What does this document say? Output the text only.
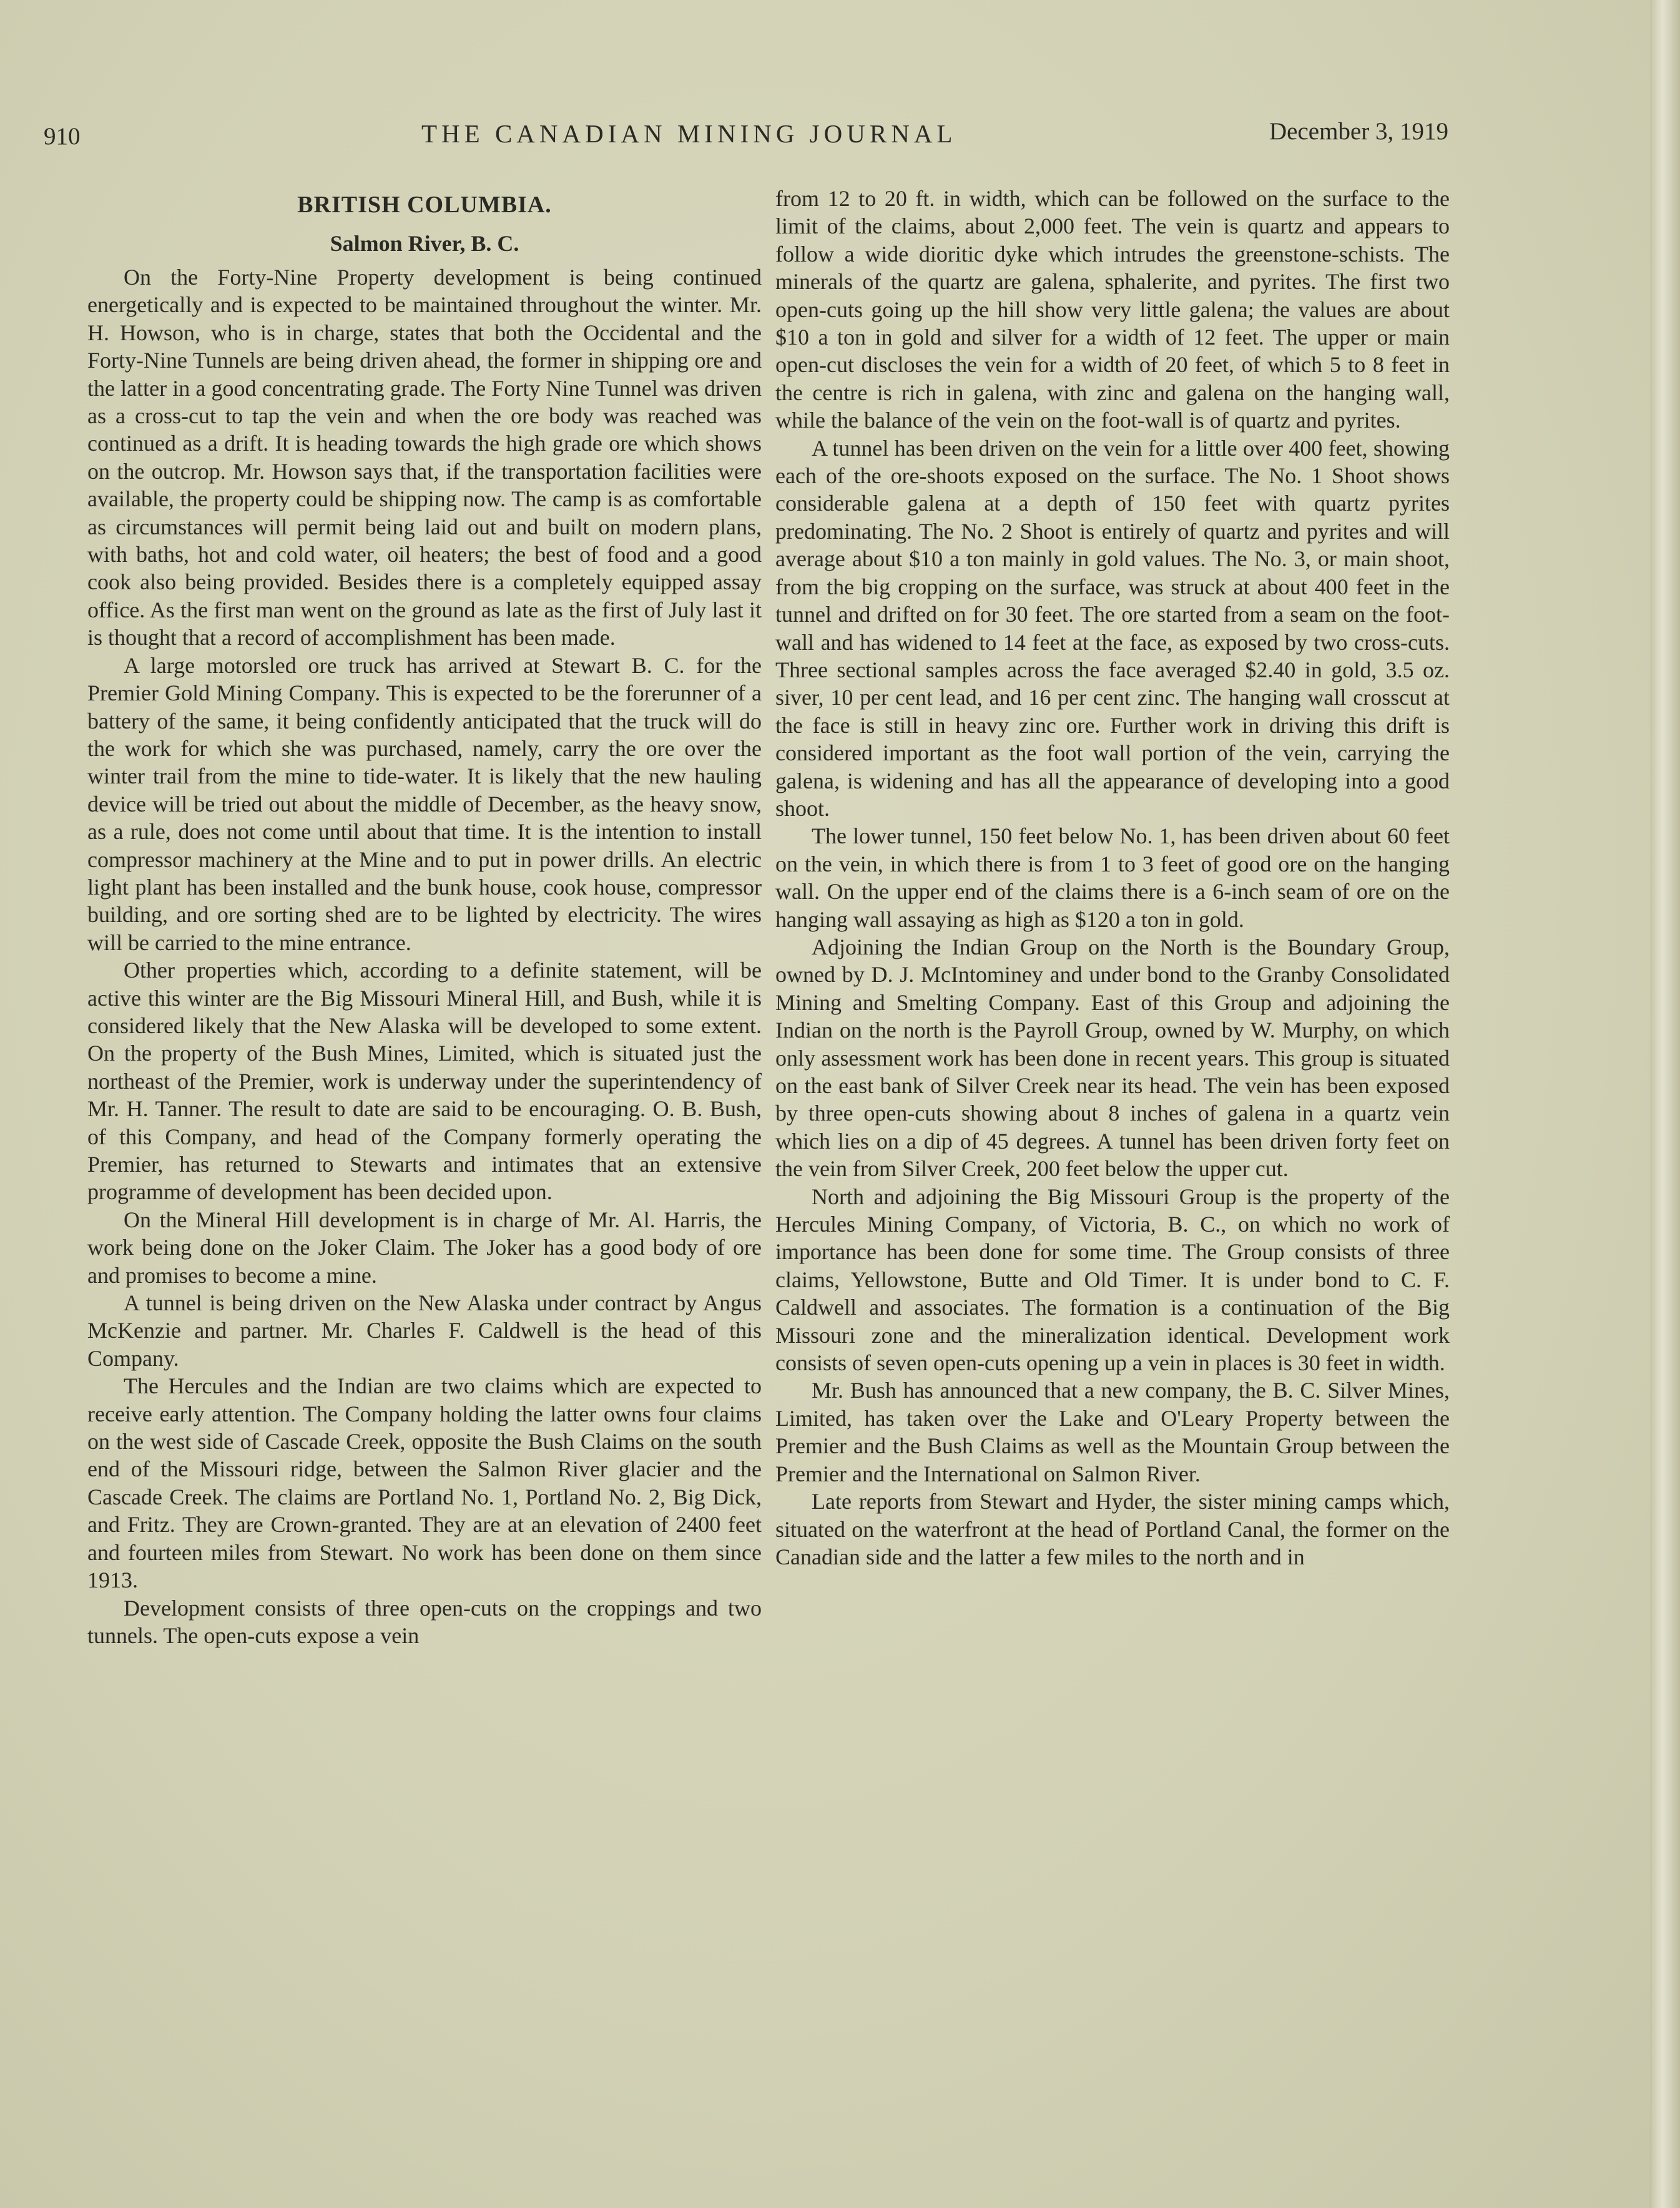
910	THE CANADIAN MINING JOURNAL	December 3, 1919
BRITISH COLUMBIA.
Salmon River, B. C.

On the Forty-Nine Property development is being continued energetically and is expected to be maintained throughout the winter. Mr. H. Howson, who is in charge, states that both the Occidental and the Forty-Nine Tunnels are being driven ahead, the former in shipping ore and the latter in a good concentrating grade. The Forty Nine Tunnel was driven as a cross-cut to tap the vein and when the ore body was reached was continued as a drift. It is heading towards the high grade ore which shows on the outcrop. Mr. Howson says that, if the transportation facilities were available, the property could be shipping now. The camp is as comfortable as circumstances will permit being laid out and built on modern plans, with baths, hot and cold water, oil heaters; the best of food and a good cook also being provided. Besides there is a completely equipped assay office. As the first man went on the ground as late as the first of July last it is thought that a record of accomplishment has been made.

A large motorsled ore truck has arrived at Stewart B. C. for the Premier Gold Mining Company. This is expected to be the forerunner of a battery of the same, it being confidently anticipated that the truck will do the work for which she was purchased, namely, carry the ore over the winter trail from the mine to tide-water. It is likely that the new hauling device will be tried out about the middle of December, as the heavy snow, as a rule, does not come until about that time. It is the intention to install compressor machinery at the Mine and to put in power drills. An electric light plant has been installed and the bunk house, cook house, compressor building, and ore sorting shed are to be lighted by electricity. The wires will be carried to the mine entrance.

Other properties which, according to a definite statement, will be active this winter are the Big Missouri Mineral Hill, and Bush, while it is considered likely that the New Alaska will be developed to some extent. On the property of the Bush Mines, Limited, which is situated just the northeast of the Premier, work is underway under the superintendency of Mr. H. Tanner. The result to date are said to be encouraging. O. B. Bush, of this Company, and head of the Company formerly operating the Premier, has returned to Stewarts and intimates that an extensive programme of development has been decided upon.

On the Mineral Hill development is in charge of Mr. Al. Harris, the work being done on the Joker Claim. The Joker has a good body of ore and promises to become a mine.

A tunnel is being driven on the New Alaska under contract by Angus McKenzie and partner. Mr. Charles F. Caldwell is the head of this Company.

The Hercules and the Indian are two claims which are expected to receive early attention. The Company holding the latter owns four claims on the west side of Cascade Creek, opposite the Bush Claims on the south end of the Missouri ridge, between the Salmon River glacier and the Cascade Creek. The claims are Portland No. 1, Portland No. 2, Big Dick, and Fritz. They are Crown-granted. They are at an elevation of 2400 feet and fourteen miles from Stewart. No work has been done on them since 1913.

Development consists of three open-cuts on the croppings and two tunnels. The open-cuts expose a vein

from 12 to 20 ft. in width, which can be followed on the surface to the limit of the claims, about 2,000 feet. The vein is quartz and appears to follow a wide dioritic dyke which intrudes the greenstone-schists. The minerals of the quartz are galena, sphalerite, and pyrites. The first two open-cuts going up the hill show very little galena; the values are about $10 a ton in gold and silver for a width of 12 feet. The upper or main open-cut discloses the vein for a width of 20 feet, of which 5 to 8 feet in the centre is rich in galena, with zinc and galena on the hanging wall, while the balance of the vein on the foot-wall is of quartz and pyrites.

A tunnel has been driven on the vein for a little over 400 feet, showing each of the ore-shoots exposed on the surface. The No. 1 Shoot shows considerable galena at a depth of 150 feet with quartz pyrites predominating. The No. 2 Shoot is entirely of quartz and pyrites and will average about $10 a ton mainly in gold values. The No. 3, or main shoot, from the big cropping on the surface, was struck at about 400 feet in the tunnel and drifted on for 30 feet. The ore started from a seam on the foot-wall and has widened to 14 feet at the face, as exposed by two cross-cuts. Three sectional samples across the face averaged $2.40 in gold, 3.5 oz. siver, 10 per cent lead, and 16 per cent zinc. The hanging wall crosscut at the face is still in heavy zinc ore. Further work in driving this drift is considered important as the foot wall portion of the vein, carrying the galena, is widening and has all the appearance of developing into a good shoot.

The lower tunnel, 150 feet below No. 1, has been driven about 60 feet on the vein, in which there is from 1 to 3 feet of good ore on the hanging wall. On the upper end of the claims there is a 6-inch seam of ore on the hanging wall assaying as high as $120 a ton in gold.

Adjoining the Indian Group on the North is the Boundary Group, owned by D. J. McIntominey and under bond to the Granby Consolidated Mining and Smelting Company. East of this Group and adjoining the Indian on the north is the Payroll Group, owned by W. Murphy, on which only assessment work has been done in recent years. This group is situated on the east bank of Silver Creek near its head. The vein has been exposed by three open-cuts showing about 8 inches of galena in a quartz vein which lies on a dip of 45 degrees. A tunnel has been driven forty feet on the vein from Silver Creek, 200 feet below the upper cut.

North and adjoining the Big Missouri Group is the property of the Hercules Mining Company, of Victoria, B. C., on which no work of importance has been done for some time. The Group consists of three claims, Yellowstone, Butte and Old Timer. It is under bond to C. F. Caldwell and associates. The formation is a continuation of the Big Missouri zone and the mineralization identical. Development work consists of seven open-cuts opening up a vein in places is 30 feet in width.

Mr. Bush has announced that a new company, the B. C. Silver Mines, Limited, has taken over the Lake and O'Leary Property between the Premier and the Bush Claims as well as the Mountain Group between the Premier and the International on Salmon River.

Late reports from Stewart and Hyder, the sister mining camps which, situated on the waterfront at the head of Portland Canal, the former on the Canadian side and the latter a few miles to the north and in
